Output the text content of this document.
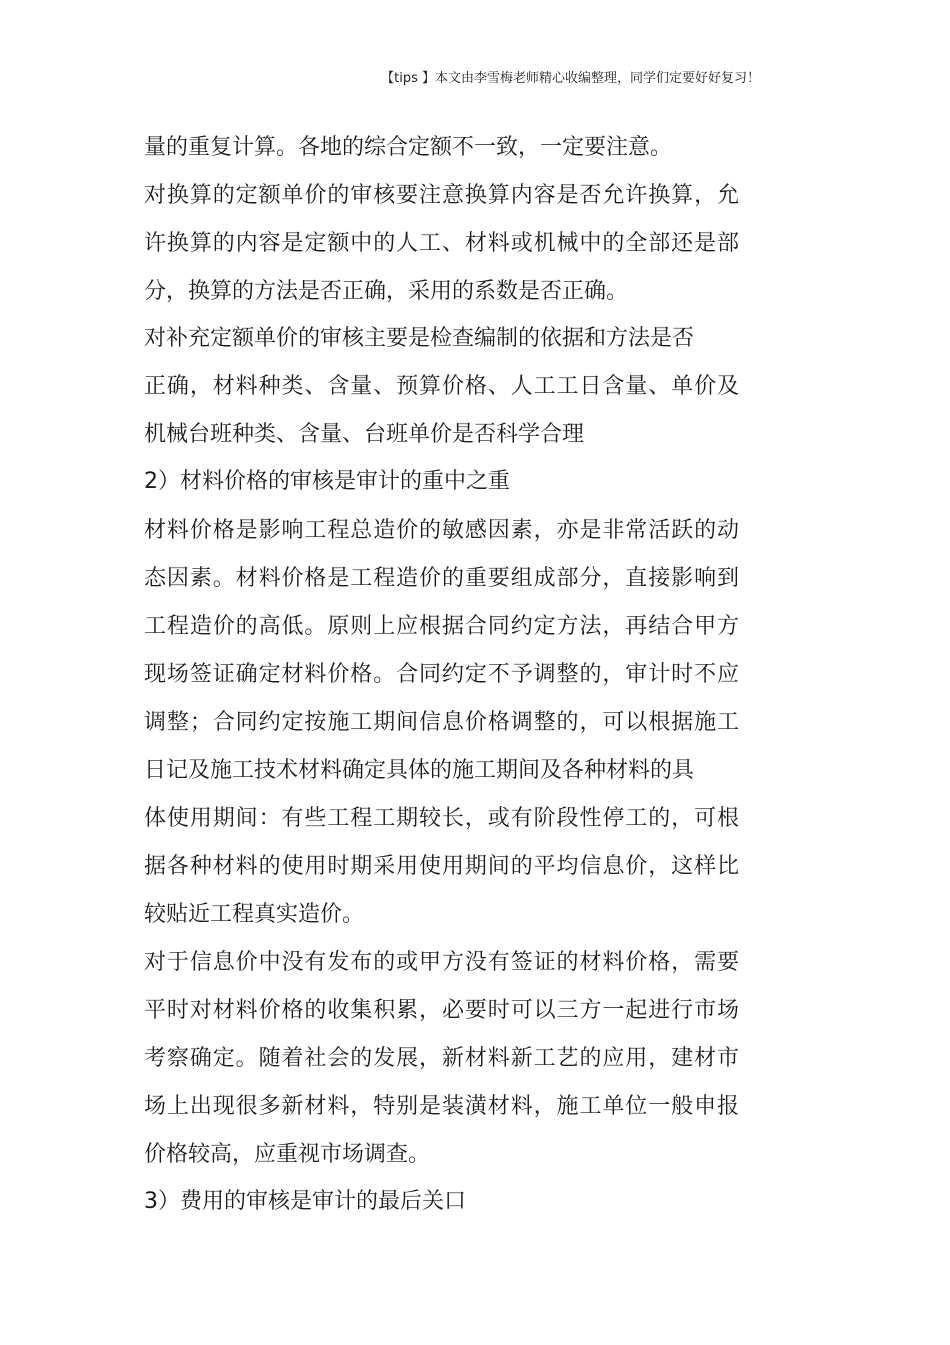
【tips 】本文由李雪梅老师精心收编整理，同学们定要好好复习！
量的重复计算。各地的综合定额不一致，一定要注意。
对换算的定额单价的审核要注意换算内容是否允许换算，允
许换算的内容是定额中的人工、材料或机械中的全部还是部
分，换算的方法是否正确，采用的系数是否正确。
对补充定额单价的审核主要是检查编制的依据和方法是否
正确，材料种类、含量、预算价格、人工工日含量、单价及
机械台班种类、含量、台班单价是否科学合理
2）材料价格的审核是审计的重中之重
材料价格是影响工程总造价的敏感因素，亦是非常活跃的动
态因素。材料价格是工程造价的重要组成部分，直接影响到
工程造价的高低。原则上应根据合同约定方法，再结合甲方
现场签证确定材料价格。合同约定不予调整的，审计时不应
调整；合同约定按施工期间信息价格调整的，可以根据施工
日记及施工技术材料确定具体的施工期间及各种材料的具
体使用期间：有些工程工期较长，或有阶段性停工的，可根
据各种材料的使用时期采用使用期间的平均信息价，这样比
较贴近工程真实造价。
对于信息价中没有发布的或甲方没有签证的材料价格，需要
平时对材料价格的收集积累，必要时可以三方一起进行市场
考察确定。随着社会的发展，新材料新工艺的应用，建材市
场上出现很多新材料，特别是装潢材料，施工单位一般申报
价格较高，应重视市场调查。
3）费用的审核是审计的最后关口
